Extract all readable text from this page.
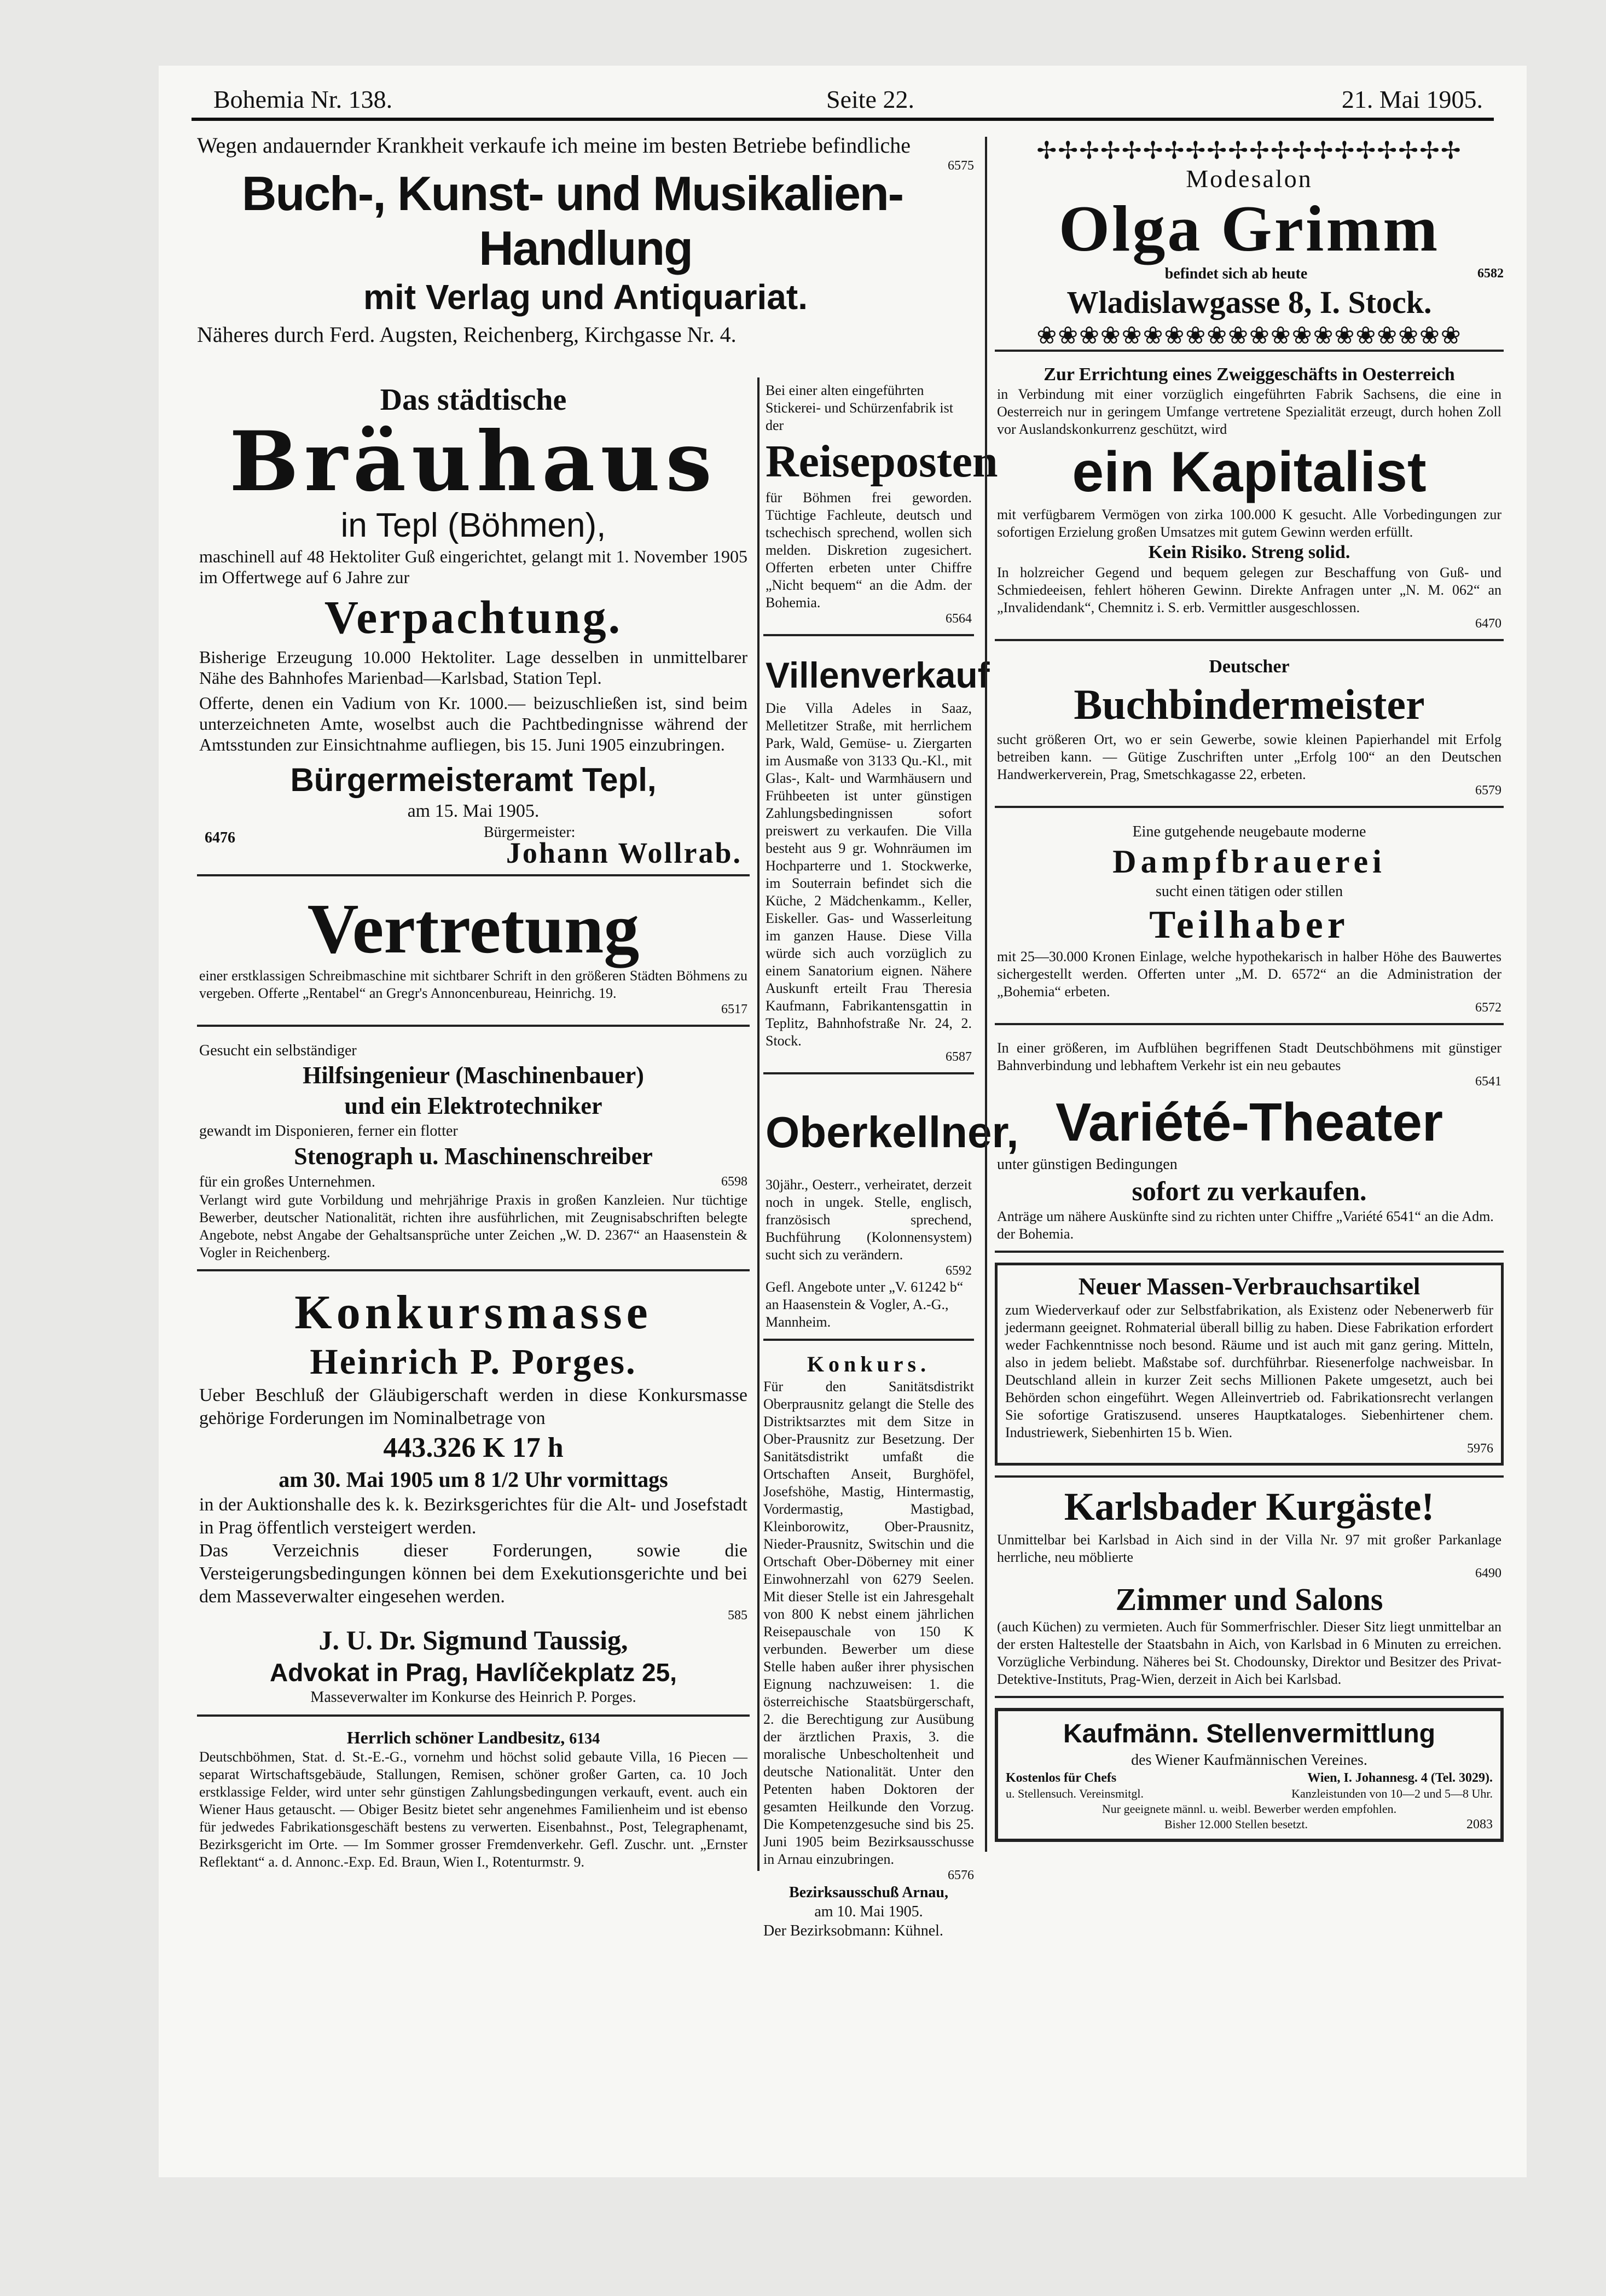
Bohemia Nr. 138.	Seite 22.	21. Mai 1905.
Wegen andauernder Krankheit verkaufe ich meine im besten Betriebe befindliche
6575
Buch-, Kunst- und Musikalien-Handlung
mit Verlag und Antiquariat.
Näheres durch Ferd. Augsten, Reichenberg, Kirchgasse Nr. 4.
Das städtische
Bräuhaus
in Tepl (Böhmen),
maschinell auf 48 Hektoliter Guß eingerichtet, gelangt mit 1. November 1905 im Offertwege auf 6 Jahre zur
Verpachtung.
Bisherige Erzeugung 10.000 Hektoliter. Lage desselben in unmittelbarer Nähe des Bahnhofes Marienbad—Karlsbad, Station Tepl.
Offerte, denen ein Vadium von Kr. 1000.— beizuschließen ist, sind beim unterzeichneten Amte, woselbst auch die Pachtbedingnisse während der Amtsstunden zur Einsichtnahme aufliegen, bis 15. Juni 1905 einzubringen.
Bürgermeisteramt Tepl,
am 15. Mai 1905.
6476	Bürgermeister:
Johann Wollrab.
Vertretung
einer erstklassigen Schreibmaschine mit sichtbarer Schrift in den größeren Städten Böhmens zu vergeben. Offerte „Rentabel“ an Gregr's Annoncenbureau, Heinrichg. 19.
6517
Gesucht ein selbständiger
Hilfsingenieur (Maschinenbauer)
und ein Elektrotechniker
gewandt im Disponieren, ferner ein flotter
Stenograph u. Maschinenschreiber
für ein großes Unternehmen.	6598
Verlangt wird gute Vorbildung und mehrjährige Praxis in großen Kanzleien. Nur tüchtige Bewerber, deutscher Nationalität, richten ihre ausführlichen, mit Zeugnisabschriften belegte Angebote, nebst Angabe der Gehaltsansprüche unter Zeichen „W. D. 2367“ an Haasenstein & Vogler in Reichenberg.
Konkursmasse
Heinrich P. Porges.
Ueber Beschluß der Gläubigerschaft werden in diese Konkursmasse gehörige Forderungen im Nominalbetrage von
443.326 K 17 h
am 30. Mai 1905 um 8 1/2 Uhr vormittags
in der Auktionshalle des k. k. Bezirksgerichtes für die Alt- und Josefstadt in Prag öffentlich versteigert werden.
Das Verzeichnis dieser Forderungen, sowie die Versteigerungsbedingungen können bei dem Exekutionsgerichte und bei dem Masseverwalter eingesehen werden.
585
J. U. Dr. Sigmund Taussig,
Advokat in Prag, Havlíčekplatz 25,
Masseverwalter im Konkurse des Heinrich P. Porges.
Herrlich schöner Landbesitz, 6134
Deutschböhmen, Stat. d. St.-E.-G., vornehm und höchst solid gebaute Villa, 16 Piecen — separat Wirtschaftsgebäude, Stallungen, Remisen, schöner großer Garten, ca. 10 Joch erstklassige Felder, wird unter sehr günstigen Zahlungsbedingungen verkauft, event. auch ein Wiener Haus getauscht. — Obiger Besitz bietet sehr angenehmes Familienheim und ist ebenso für jedwedes Fabrikationsgeschäft bestens zu verwerten. Eisenbahnst., Post, Telegraphenamt, Bezirksgericht im Orte. — Im Sommer grosser Fremdenverkehr. Gefl. Zuschr. unt. „Ernster Reflektant“ a. d. Annonc.-Exp. Ed. Braun, Wien I., Rotenturmstr. 9.
Bei einer alten eingeführten Stickerei- und Schürzenfabrik ist der
Reiseposten
für Böhmen frei geworden. Tüchtige Fachleute, deutsch und tschechisch sprechend, wollen sich melden. Diskretion zugesichert. Offerten erbeten unter Chiffre „Nicht bequem“ an die Adm. der Bohemia.
6564
Villenverkauf
Die Villa Adeles in Saaz, Melletitzer Straße, mit herrlichem Park, Wald, Gemüse- u. Ziergarten im Ausmaße von 3133 Qu.-Kl., mit Glas-, Kalt- und Warmhäusern und Frühbeeten ist unter günstigen Zahlungsbedingnissen sofort preiswert zu verkaufen. Die Villa besteht aus 9 gr. Wohnräumen im Hochparterre und 1. Stockwerke, im Souterrain befindet sich die Küche, 2 Mädchenkamm., Keller, Eiskeller. Gas- und Wasserleitung im ganzen Hause. Diese Villa würde sich auch vorzüglich zu einem Sanatorium eignen. Nähere Auskunft erteilt Frau Theresia Kaufmann, Fabrikantensgattin in Teplitz, Bahnhofstraße Nr. 24, 2. Stock.
6587
Oberkellner,
30jähr., Oesterr., verheiratet, derzeit noch in ungek. Stelle, englisch, französisch sprechend, Buchführung (Kolonnensystem) sucht sich zu verändern.
6592
Gefl. Angebote unter „V. 61242 b“ an Haasenstein & Vogler, A.-G., Mannheim.
Konkurs.
Für den Sanitätsdistrikt Oberprausnitz gelangt die Stelle des Distriktsarztes mit dem Sitze in Ober-Prausnitz zur Besetzung. Der Sanitätsdistrikt umfaßt die Ortschaften Anseit, Burghöfel, Josefshöhe, Mastig, Hintermastig, Vordermastig, Mastigbad, Kleinborowitz, Ober-Prausnitz, Nieder-Prausnitz, Switschin und die Ortschaft Ober-Döberney mit einer Einwohnerzahl von 6279 Seelen. Mit dieser Stelle ist ein Jahresgehalt von 800 K nebst einem jährlichen Reisepauschale von 150 K verbunden. Bewerber um diese Stelle haben außer ihrer physischen Eignung nachzuweisen: 1. die österreichische Staatsbürgerschaft, 2. die Berechtigung zur Ausübung der ärztlichen Praxis, 3. die moralische Unbescholtenheit und deutsche Nationalität. Unter den Petenten haben Doktoren der gesamten Heilkunde den Vorzug. Die Kompetenzgesuche sind bis 25. Juni 1905 beim Bezirksausschusse in Arnau einzubringen.
6576
Bezirksausschuß Arnau,
am 10. Mai 1905.
Der Bezirksobmann: Kühnel.
✢✢✢✢✢✢✢✢✢✢✢✢✢✢✢✢✢✢✢✢
Modesalon
Olga Grimm
befindet sich ab heute	6582
Wladislawgasse 8, I. Stock.
❀❀❀❀❀❀❀❀❀❀❀❀❀❀❀❀❀❀❀❀
Zur Errichtung eines Zweiggeschäfts in Oesterreich
in Verbindung mit einer vorzüglich eingeführten Fabrik Sachsens, die eine in Oesterreich nur in geringem Umfange vertretene Spezialität erzeugt, durch hohen Zoll vor Auslandskonkurrenz geschützt, wird
ein Kapitalist
mit verfügbarem Vermögen von zirka 100.000 K gesucht. Alle Vorbedingungen zur sofortigen Erzielung großen Umsatzes mit gutem Gewinn werden erfüllt.
Kein Risiko. Streng solid.
In holzreicher Gegend und bequem gelegen zur Beschaffung von Guß- und Schmiedeeisen, fehlert höheren Gewinn. Direkte Anfragen unter „N. M. 062“ an „Invalidendank“, Chemnitz i. S. erb. Vermittler ausgeschlossen.
6470
Deutscher
Buchbindermeister
sucht größeren Ort, wo er sein Gewerbe, sowie kleinen Papierhandel mit Erfolg betreiben kann. — Gütige Zuschriften unter „Erfolg 100“ an den Deutschen Handwerkerverein, Prag, Smetschkagasse 22, erbeten.
6579
Eine gutgehende neugebaute moderne
Dampfbrauerei
sucht einen tätigen oder stillen
Teilhaber
mit 25—30.000 Kronen Einlage, welche hypothekarisch in halber Höhe des Bauwertes sichergestellt werden. Offerten unter „M. D. 6572“ an die Administration der „Bohemia“ erbeten.
6572
In einer größeren, im Aufblühen begriffenen Stadt Deutschböhmens mit günstiger Bahnverbindung und lebhaftem Verkehr ist ein neu gebautes
6541
Variété-Theater
unter günstigen Bedingungen
sofort zu verkaufen.
Anträge um nähere Auskünfte sind zu richten unter Chiffre „Variété 6541“ an die Adm. der Bohemia.
Neuer Massen-Verbrauchsartikel
zum Wiederverkauf oder zur Selbstfabrikation, als Existenz oder Nebenerwerb für jedermann geeignet. Rohmaterial überall billig zu haben. Diese Fabrikation erfordert weder Fachkenntnisse noch besond. Räume und ist auch mit ganz gering. Mitteln, also in jedem beliebt. Maßstabe sof. durchführbar. Riesenerfolge nachweisbar. In Deutschland allein in kurzer Zeit sechs Millionen Pakete umgesetzt, auch bei Behörden schon eingeführt. Wegen Alleinvertrieb od. Fabrikationsrecht verlangen Sie sofortige Gratiszusend. unseres Hauptkataloges. Siebenhirtener chem. Industriewerk, Siebenhirten 15 b. Wien.
5976
Karlsbader Kurgäste!
Unmittelbar bei Karlsbad in Aich sind in der Villa Nr. 97 mit großer Parkanlage herrliche, neu möblierte
6490
Zimmer und Salons
(auch Küchen) zu vermieten. Auch für Sommerfrischler. Dieser Sitz liegt unmittelbar an der ersten Haltestelle der Staatsbahn in Aich, von Karlsbad in 6 Minuten zu erreichen. Vorzügliche Verbindung. Näheres bei St. Chodounsky, Direktor und Besitzer des Privat-Detektive-Instituts, Prag-Wien, derzeit in Aich bei Karlsbad.
Kaufmänn. Stellenvermittlung
des Wiener Kaufmännischen Vereines.
Kostenlos für Chefs	Wien, I. Johannesg. 4 (Tel. 3029).
u. Stellensuch. Vereinsmitgl.	Kanzleistunden von 10—2 und 5—8 Uhr.
Nur geeignete männl. u. weibl. Bewerber werden empfohlen.
Bisher 12.000 Stellen besetzt.	2083
